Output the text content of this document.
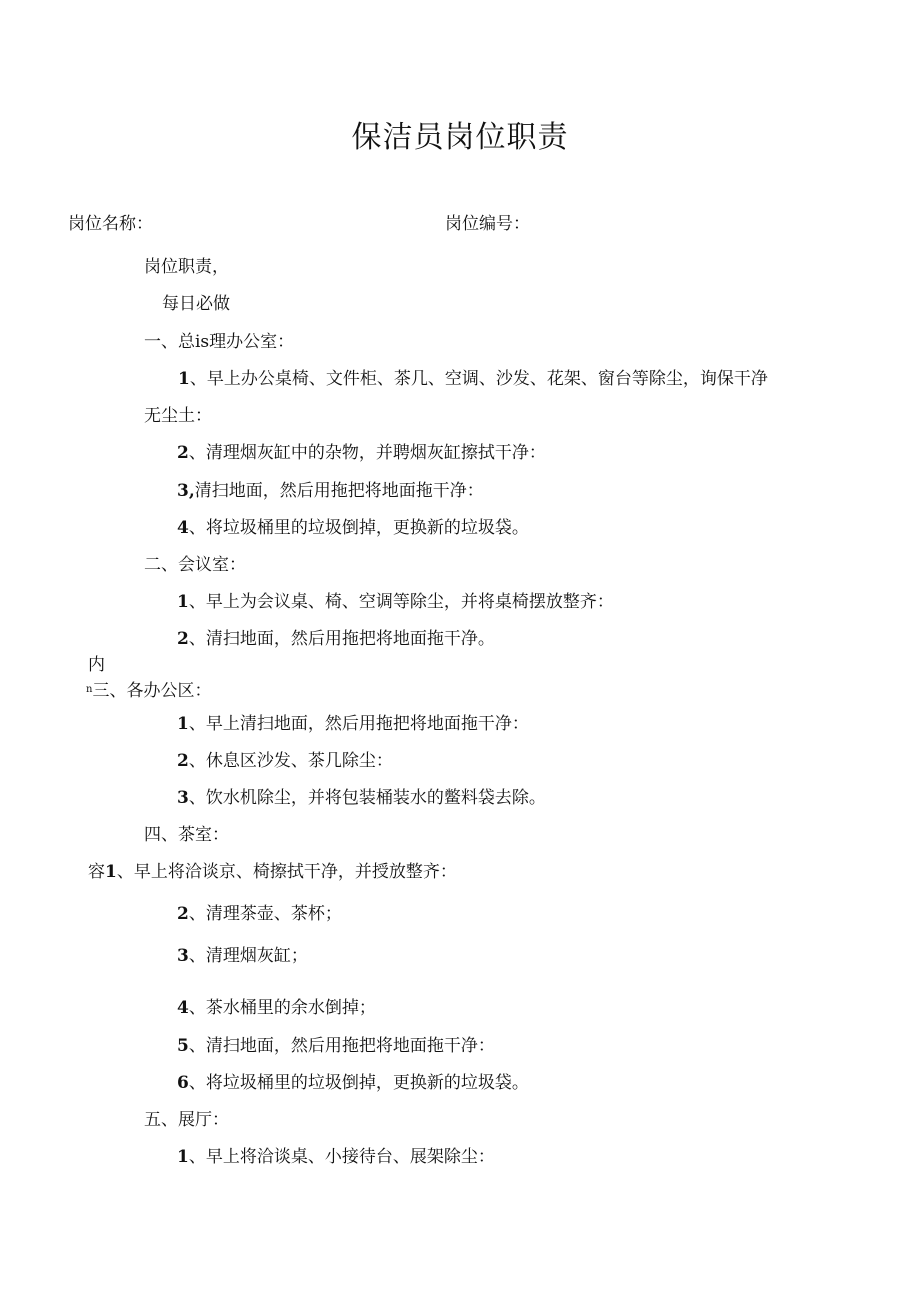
保洁员岗位职责
岗位名称：	岗位编号：
岗位职责，
每日必做
一、总is理办公室：
1、早上办公桌椅、文件柜、茶几、空调、沙发、花架、窗台等除尘，询保干净
无尘土：
2、清理烟灰缸中的杂物，并聘烟灰缸擦拭干净：
3,清扫地面，然后用拖把将地面拖干净：
4、将垃圾桶里的垃圾倒掉，更换新的垃圾袋。
二、会议室：
1、早上为会议桌、椅、空调等除尘，并将桌椅摆放整齐：
2、清扫地面，然后用拖把将地面拖干净。
内
$^n$三、各办公区：
1、早上清扫地面，然后用拖把将地面拖干净：
2、休息区沙发、茶几除尘：
3、饮水机除尘，并将包装桶装水的鳖料袋去除。
四、茶室：
容1、早上将洽谈京、椅擦拭干净，并授放整齐：
2、清理茶壶、茶杯；
3、清理烟灰缸；
4、茶水桶里的余水倒掉；
5、清扫地面，然后用拖把将地面拖干净：
6、将垃圾桶里的垃圾倒掉，更换新的垃圾袋。
五、展厅：
1、早上将洽谈桌、小接待台、展架除尘：
